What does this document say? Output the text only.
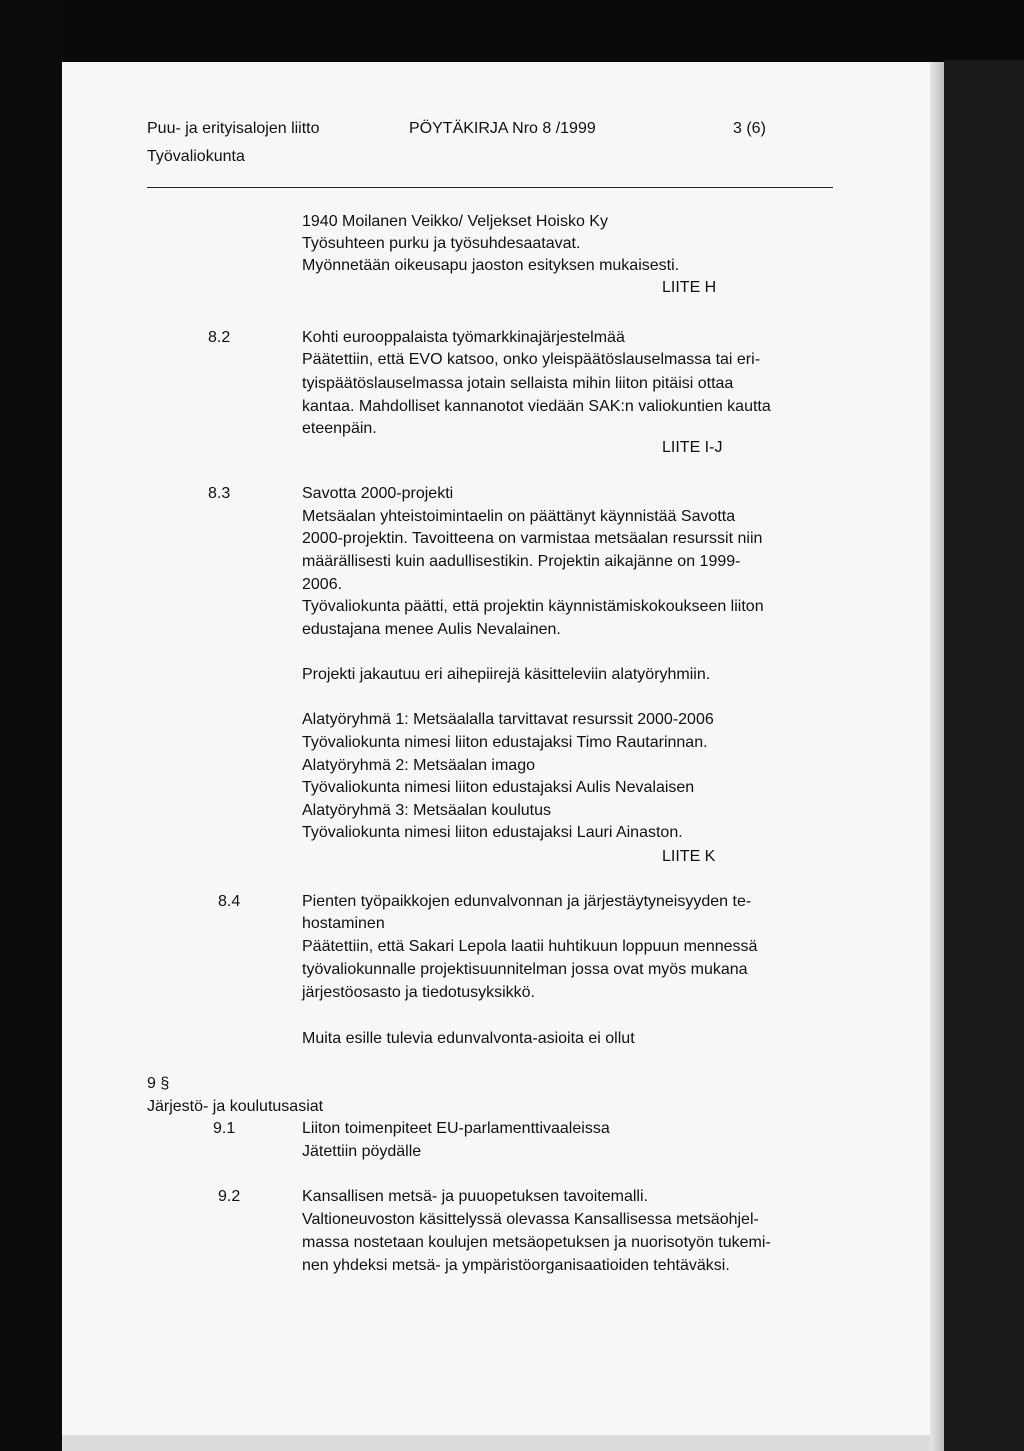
Puu- ja erityisalojen liitto	PÖYTÄKIRJA Nro 8 /1999	3 (6)
Työvaliokunta
1940 Moilanen Veikko/ Veljekset Hoisko Ky
Työsuhteen purku ja työsuhdesaatavat.
Myönnetään oikeusapu jaoston esityksen mukaisesti.
LIITE H
8.2	Kohti eurooppalaista työmarkkinajärjestelmää
Päätettiin, että EVO katsoo, onko yleispäätöslauselmassa tai eri-
tyispäätöslauselmassa jotain sellaista mihin liiton pitäisi ottaa
kantaa. Mahdolliset kannanotot viedään SAK:n valiokuntien kautta
eteenpäin.
LIITE I-J
8.3	Savotta 2000-projekti
Metsäalan yhteistoimintaelin on päättänyt käynnistää Savotta
2000-projektin. Tavoitteena on varmistaa metsäalan resurssit niin
määrällisesti kuin aadullisestikin. Projektin aikajänne on 1999-
2006.
Työvaliokunta päätti, että projektin käynnistämiskokoukseen liiton
edustajana menee Aulis Nevalainen.
Projekti jakautuu eri aihepiirejä käsitteleviin alatyöryhmiin.
Alatyöryhmä 1: Metsäalalla tarvittavat resurssit 2000-2006
Työvaliokunta nimesi liiton edustajaksi Timo Rautarinnan.
Alatyöryhmä 2: Metsäalan imago
Työvaliokunta nimesi liiton edustajaksi Aulis Nevalaisen
Alatyöryhmä 3: Metsäalan koulutus
Työvaliokunta nimesi liiton edustajaksi Lauri Ainaston.
LIITE K
8.4	Pienten työpaikkojen edunvalvonnan ja järjestäytyneisyyden te-
hostaminen
Päätettiin, että Sakari Lepola laatii huhtikuun loppuun mennessä
työvaliokunnalle projektisuunnitelman jossa ovat myös mukana
järjestöosasto ja tiedotusyksikkö.
Muita esille tulevia edunvalvonta-asioita ei ollut
9 §
Järjestö- ja koulutusasiat
9.1	Liiton toimenpiteet EU-parlamenttivaaleissa
Jätettiin pöydälle
9.2	Kansallisen metsä- ja puuopetuksen tavoitemalli.
Valtioneuvoston käsittelyssä olevassa Kansallisessa metsäohjel-
massa nostetaan koulujen metsäopetuksen ja nuorisotyön tukemi-
nen yhdeksi metsä- ja ympäristöorganisaatioiden tehtäväksi.
